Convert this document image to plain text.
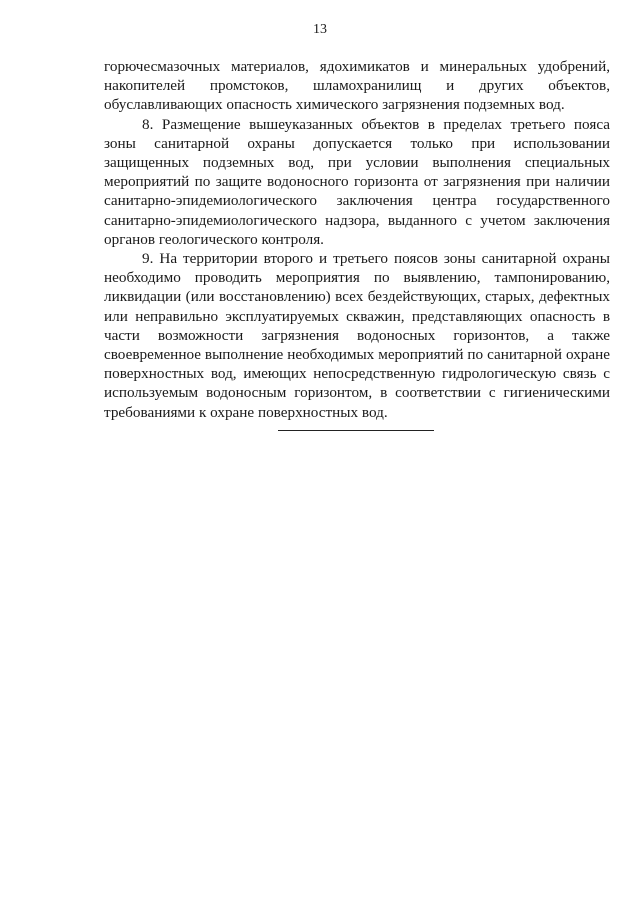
13

горючесмазочных материалов, ядохимикатов и минеральных удобрений, накопителей промстоков, шламохранилищ и других объектов, обуславливающих опасность химического загрязнения подземных вод.

8. Размещение вышеуказанных объектов в пределах третьего пояса зоны санитарной охраны допускается только при использовании защищенных подземных вод, при условии выполнения специальных мероприятий по защите водоносного горизонта от загрязнения при наличии санитарно-эпидемиологического заключения центра государственного санитарно-эпидемиологического надзора, выданного с учетом заключения органов геологического контроля.

9. На территории второго и третьего поясов зоны санитарной охраны необходимо проводить мероприятия по выявлению, тампонированию, ликвидации (или восстановлению) всех бездействующих, старых, дефектных или неправильно эксплуатируемых скважин, представляющих опасность в части возможности загрязнения водоносных горизонтов, а также своевременное выполнение необходимых мероприятий по санитарной охране поверхностных вод, имеющих непосредственную гидрологическую связь с используемым водоносным горизонтом, в соответствии с гигиеническими требованиями к охране поверхностных вод.
